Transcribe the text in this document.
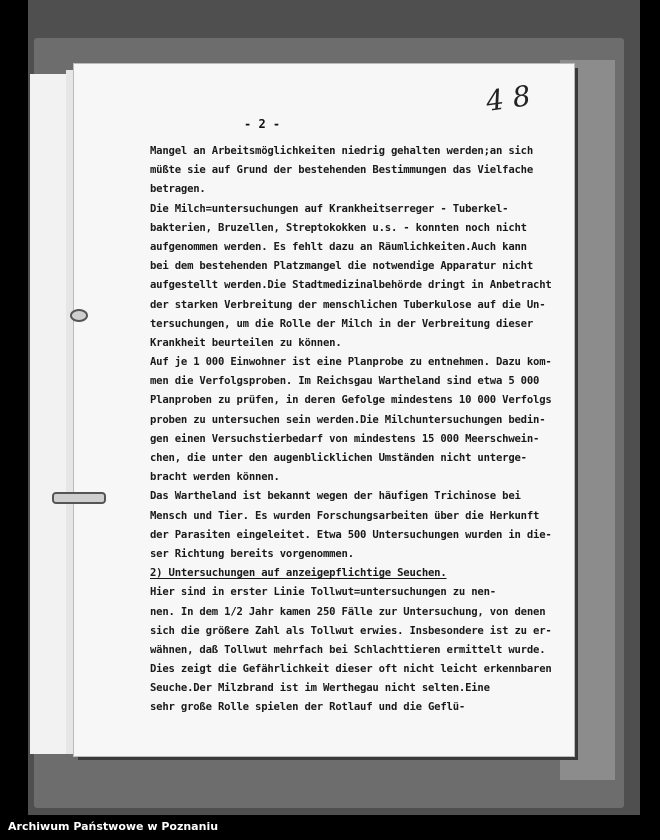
- 2 -
4 8
Mangel an Arbeitsmöglichkeiten niedrig gehalten werden;an sich
müßte sie auf Grund der bestehenden Bestimmungen das Vielfache
betragen.
Die Milch=untersuchungen auf Krankheitserreger - Tuberkel-
bakterien, Bruzellen, Streptokokken u.s. - konnten noch nicht
aufgenommen werden. Es fehlt dazu an Räumlichkeiten.Auch kann
bei dem bestehenden Platzmangel die notwendige Apparatur nicht
aufgestellt werden.Die Stadtmedizinalbehörde dringt in Anbetracht
der starken Verbreitung der menschlichen Tuberkulose auf die Un-
tersuchungen, um die Rolle der Milch in der Verbreitung dieser
Krankheit beurteilen zu können.
Auf je 1 000 Einwohner ist eine Planprobe zu entnehmen. Dazu kom-
men die Verfolgsproben. Im Reichsgau Wartheland sind etwa 5 000
Planproben zu prüfen, in deren Gefolge mindestens 10 000 Verfolgs
proben zu untersuchen sein werden.Die Milchuntersuchungen bedin-
gen einen Versuchstierbedarf von mindestens 15 000 Meerschwein-
chen, die unter den augenblicklichen Umständen nicht unterge-
bracht werden können.
Das Wartheland ist bekannt wegen der häufigen Trichinose bei
Mensch und Tier. Es wurden Forschungsarbeiten über die Herkunft
der Parasiten eingeleitet. Etwa 500 Untersuchungen wurden in die-
ser Richtung bereits vorgenommen.
2) Untersuchungen auf anzeigepflichtige Seuchen.
Hier sind in erster Linie Tollwut=untersuchungen zu nen-
nen. In dem 1/2 Jahr kamen 250 Fälle zur Untersuchung, von denen
sich die größere Zahl als Tollwut erwies. Insbesondere ist zu er-
wähnen, daß Tollwut mehrfach bei Schlachttieren ermittelt wurde.
Dies zeigt die Gefährlichkeit dieser oft nicht leicht erkennbaren
Seuche.Der Milzbrand ist im Werthegau nicht selten.Eine
sehr große Rolle spielen der Rotlauf und die Geflü-
Archiwum Państwowe w Poznaniu
